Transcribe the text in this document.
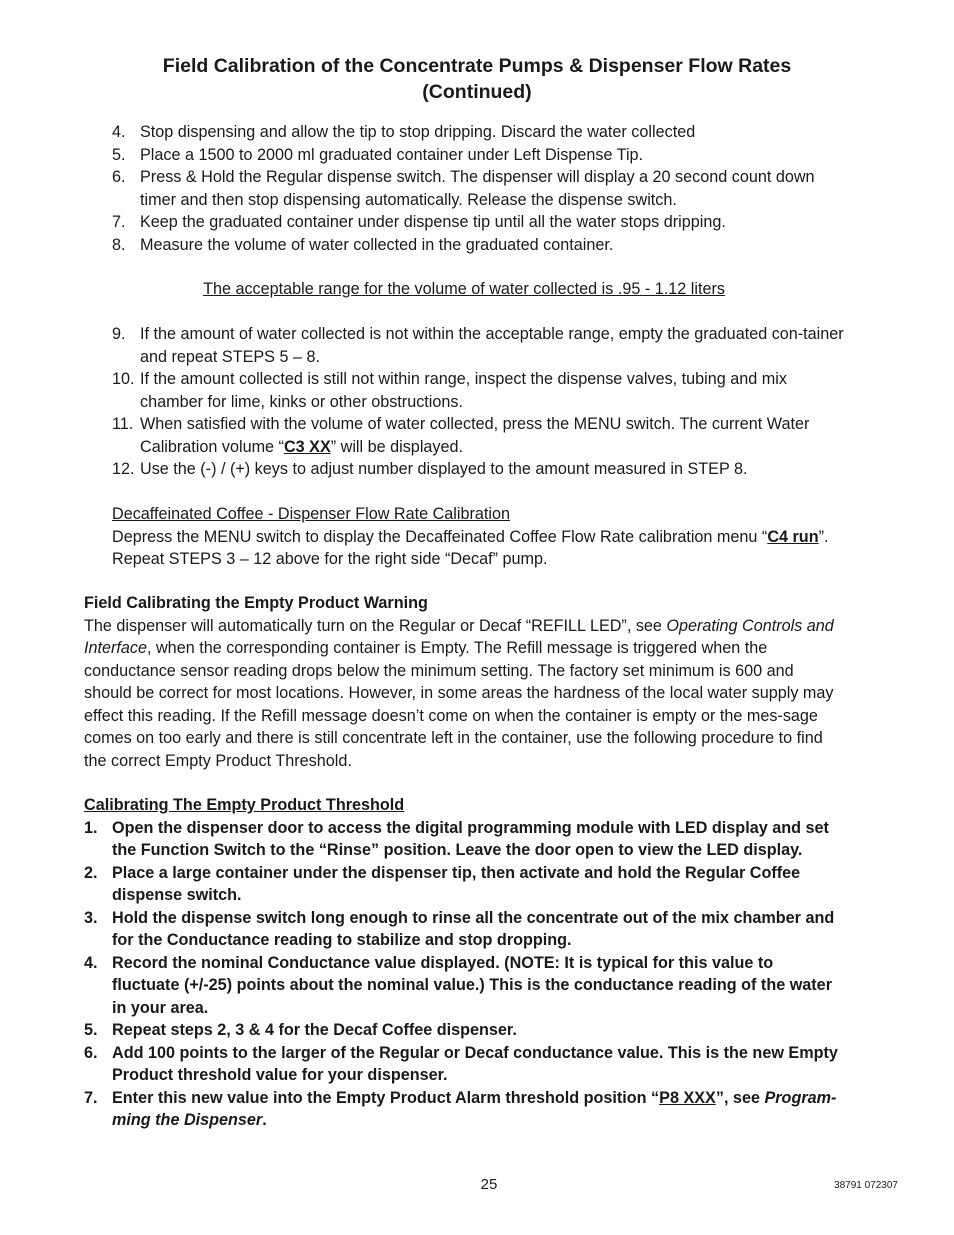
Field Calibration of the Concentrate Pumps & Dispenser Flow Rates
(Continued)
4. Stop dispensing and allow the tip to stop dripping. Discard the water collected
5. Place a 1500 to 2000 ml graduated container under Left Dispense Tip.
6. Press & Hold the Regular dispense switch. The dispenser will display a 20 second count down timer and then stop dispensing automatically. Release the dispense switch.
7. Keep the graduated container under dispense tip until all the water stops dripping.
8. Measure the volume of water collected in the graduated container.
The acceptable range for the volume of water collected is .95 - 1.12 liters
9. If the amount of water collected is not within the acceptable range, empty the graduated con-tainer and repeat STEPS 5 – 8.
10. If the amount collected is still not within range, inspect the dispense valves, tubing and mix chamber for lime, kinks or other obstructions.
11. When satisfied with the volume of water collected, press the MENU switch. The current Water Calibration volume “C3 XX” will be displayed.
12. Use the (-) / (+) keys to adjust number displayed to the amount measured in STEP 8.
Decaffeinated Coffee - Dispenser Flow Rate Calibration
Depress the MENU switch to display the Decaffeinated Coffee Flow Rate calibration menu “C4 run”.
Repeat STEPS 3 – 12 above for the right side “Decaf” pump.
Field Calibrating the Empty Product Warning
The dispenser will automatically turn on the Regular or Decaf “REFILL LED”, see Operating Controls and Interface, when the corresponding container is Empty. The Refill message is triggered when the conductance sensor reading drops below the minimum setting. The factory set minimum is 600 and should be correct for most locations. However, in some areas the hardness of the local water supply may effect this reading. If the Refill message doesn’t come on when the container is empty or the mes-sage comes on too early and there is still concentrate left in the container, use the following procedure to find the correct Empty Product Threshold.
Calibrating The Empty Product Threshold
1. Open the dispenser door to access the digital programming module with LED display and set the Function Switch to the “Rinse” position. Leave the door open to view the LED display.
2. Place a large container under the dispenser tip, then activate and hold the Regular Coffee dispense switch.
3. Hold the dispense switch long enough to rinse all the concentrate out of the mix chamber and for the Conductance reading to stabilize and stop dropping.
4. Record the nominal Conductance value displayed. (NOTE: It is typical for this value to fluctuate (+/-25) points about the nominal value.) This is the conductance reading of the water in your area.
5. Repeat steps 2, 3 & 4 for the Decaf Coffee dispenser.
6. Add 100 points to the larger of the Regular or Decaf conductance value. This is the new Empty Product threshold value for your dispenser.
7. Enter this new value into the Empty Product Alarm threshold position “P8 XXX”, see Program-ming the Dispenser.
25	38791 072307
